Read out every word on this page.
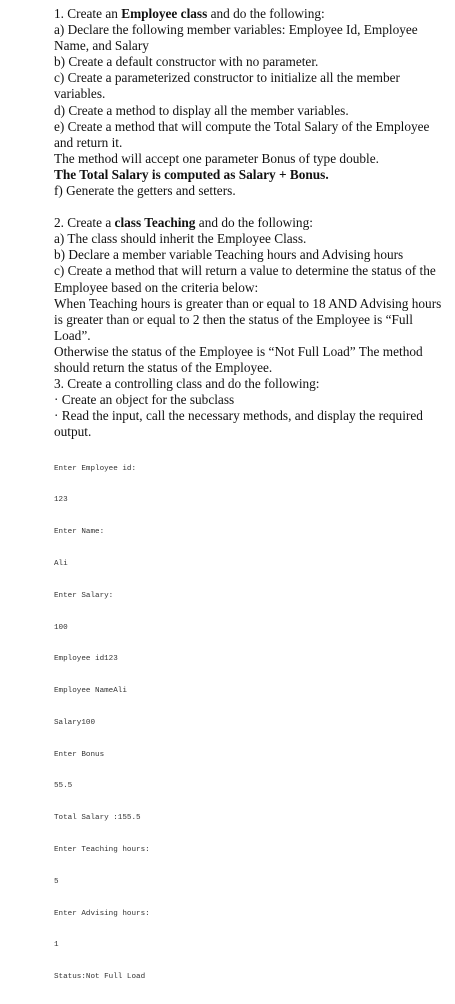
1. Create an Employee class and do the following:

a) Declare the following member variables: Employee Id, Employee Name, and Salary

b) Create a default constructor with no parameter.

c) Create a parameterized constructor to initialize all the member variables.

d) Create a method to display all the member variables.

e) Create a method that will compute the Total Salary of the Employee and return it.

The method will accept one parameter Bonus of type double.

The Total Salary is computed as Salary + Bonus.

f) Generate the getters and setters.

2. Create a class Teaching and do the following:

a) The class should inherit the Employee Class.

b) Declare a member variable Teaching hours and Advising hours

c) Create a method that will return a value to determine the status of the Employee based on the criteria below:

When Teaching hours is greater than or equal to 18 AND Advising hours is greater than or equal to 2 then the status of the Employee is “Full Load”.

Otherwise the status of the Employee is “Not Full Load” The method should return the status of the Employee.

3. Create a controlling class and do the following:

· Create an object for the subclass

· Read the input, call the necessary methods, and display the required output.

Enter Employee id:

123

Enter Name:

Ali

Enter Salary:

100

Employee id123

Employee NameAli

Salary100

Enter Bonus

55.5

Total Salary :155.5

Enter Teaching hours:

5

Enter Advising hours:

1

Status:Not Full Load
